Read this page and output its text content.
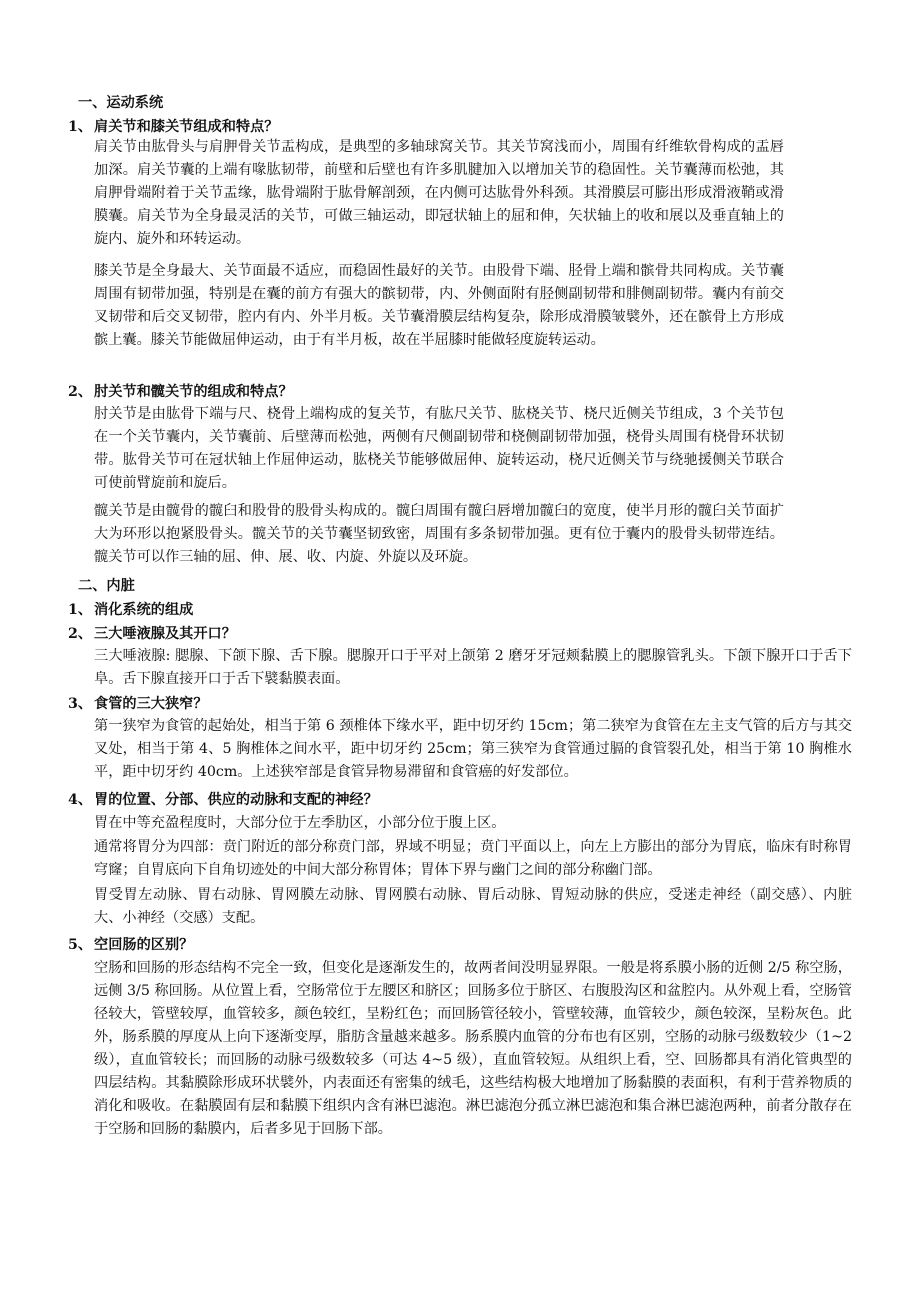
一、运动系统
1、 肩关节和膝关节组成和特点？
肩关节由肱骨头与肩胛骨关节盂构成，是典型的多轴球窝关节。其关节窝浅而小，周围有纤维软骨构成的盂唇加深。肩关节囊的上端有喙肱韧带，前壁和后壁也有许多肌腱加入以增加关节的稳固性。关节囊薄而松弛，其肩胛骨端附着于关节盂缘，肱骨端附于肱骨解剖颈，在内侧可达肱骨外科颈。其滑膜层可膨出形成滑液鞘或滑膜囊。肩关节为全身最灵活的关节，可做三轴运动，即冠状轴上的屈和伸，矢状轴上的收和展以及垂直轴上的旋内、旋外和环转运动。
膝关节是全身最大、关节面最不适应，而稳固性最好的关节。由股骨下端、胫骨上端和髌骨共同构成。关节囊周围有韧带加强，特别是在囊的前方有强大的髌韧带，内、外侧面附有胫侧副韧带和腓侧副韧带。囊内有前交叉韧带和后交叉韧带，腔内有内、外半月板。关节囊滑膜层结构复杂，除形成滑膜皱襞外，还在髌骨上方形成髌上囊。膝关节能做屈伸运动，由于有半月板，故在半屈膝时能做轻度旋转运动。
2、 肘关节和髋关节的组成和特点？
肘关节是由肱骨下端与尺、桡骨上端构成的复关节，有肱尺关节、肱桡关节、桡尺近侧关节组成，3 个关节包在一个关节囊内，关节囊前、后壁薄而松弛，两侧有尺侧副韧带和桡侧副韧带加强，桡骨头周围有桡骨环状韧带。肱骨关节可在冠状轴上作屈伸运动，肱桡关节能够做屈伸、旋转运动，桡尺近侧关节与绕驰援侧关节联合可使前臂旋前和旋后。
髋关节是由髋骨的髋臼和股骨的股骨头构成的。髋臼周围有髋臼唇增加髋臼的宽度，使半月形的髋臼关节面扩大为环形以抱紧股骨头。髋关节的关节囊坚韧致密，周围有多条韧带加强。更有位于囊内的股骨头韧带连结。髋关节可以作三轴的屈、伸、展、收、内旋、外旋以及环旋。
二、内脏
1、 消化系统的组成
2、 三大唾液腺及其开口？
三大唾液腺: 腮腺、下颌下腺、舌下腺。腮腺开口于平对上颌第 2 磨牙牙冠颊黏膜上的腮腺管乳头。下颌下腺开口于舌下阜。舌下腺直接开口于舌下襞黏膜表面。
3、 食管的三大狭窄？
第一狭窄为食管的起始处，相当于第 6 颈椎体下缘水平，距中切牙约 15cm；第二狭窄为食管在左主支气管的后方与其交叉处，相当于第 4、5 胸椎体之间水平，距中切牙约 25cm；第三狭窄为食管通过膈的食管裂孔处，相当于第 10 胸椎水平，距中切牙约 40cm。上述狭窄部是食管异物易滞留和食管癌的好发部位。
4、 胃的位置、分部、供应的动脉和支配的神经？
胃在中等充盈程度时，大部分位于左季肋区，小部分位于腹上区。
通常将胃分为四部：贲门附近的部分称贲门部，界域不明显；贲门平面以上，向左上方膨出的部分为胃底，临床有时称胃穹窿；自胃底向下自角切迹处的中间大部分称胃体；胃体下界与幽门之间的部分称幽门部。
胃受胃左动脉、胃右动脉、胃网膜左动脉、胃网膜右动脉、胃后动脉、胃短动脉的供应，受迷走神经（副交感）、内脏大、小神经（交感）支配。
5、 空回肠的区别？
空肠和回肠的形态结构不完全一致，但变化是逐渐发生的，故两者间没明显界限。一般是将系膜小肠的近侧 2/5 称空肠，远侧 3/5 称回肠。从位置上看，空肠常位于左腰区和脐区；回肠多位于脐区、右腹股沟区和盆腔内。从外观上看，空肠管径较大，管壁较厚，血管较多，颜色较红，呈粉红色；而回肠管径较小，管壁较薄，血管较少，颜色较深，呈粉灰色。此外，肠系膜的厚度从上向下逐渐变厚，脂肪含量越来越多。肠系膜内血管的分布也有区别，空肠的动脉弓级数较少（1~2 级），直血管较长；而回肠的动脉弓级数较多（可达 4~5 级），直血管较短。从组织上看，空、回肠都具有消化管典型的四层结构。其黏膜除形成环状襞外，内表面还有密集的绒毛，这些结构极大地增加了肠黏膜的表面积，有利于营养物质的消化和吸收。在黏膜固有层和黏膜下组织内含有淋巴滤泡。淋巴滤泡分孤立淋巴滤泡和集合淋巴滤泡两种，前者分散存在于空肠和回肠的黏膜内，后者多见于回肠下部。
